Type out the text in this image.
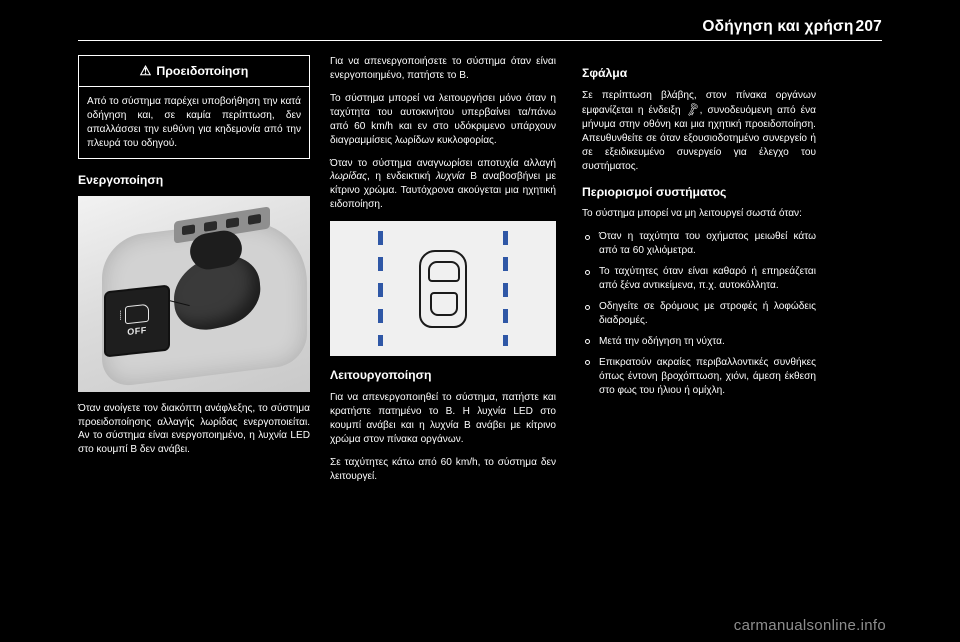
Οδήγηση και χρήση 207
⚠ Προειδοποίηση
Από το σύστημα παρέχει υποβοήθηση την κατά οδήγηση και, σε καμία περίπτωση, δεν απαλλάσσει την ευθύνη για κηδεμονία από την πλευρά του οδηγού.
Ενεργοποίηση
OFF

Όταν ανοίγετε τον διακόπτη ανάφλεξης, το σύστημα προειδοποίησης αλλαγής λωρίδας ενεργοποιείται. Αν το σύστημα είναι ενεργοποιημένο, η λυχνία LED στο κουμπί B δεν ανάβει.

Για να απενεργοποιήσετε το σύστημα όταν είναι ενεργοποιημένο, πατήστε το B.

Το σύστημα μπορεί να λειτουργήσει μόνο όταν η ταχύτητα του αυτοκινήτου υπερβαίνει τα/πάνω από 60 km/h και εν στο υδόκριμενο υπάρχουν διαγραμμίσεις λωρίδων κυκλοφορίας.

Όταν το σύστημα αναγνωρίσει αποτυχία αλλαγή λωρίδας, η ενδεικτική λυχνία B αναβοσβήνει με κίτρινο χρώμα. Ταυτόχρονα ακούγεται μια ηχητική ειδοποίηση.

Λειτουργοποίηση

Για να απενεργοποιηθεί το σύστημα, πατήστε και κρατήστε πατημένο το B. Η λυχνία LED στο κουμπί ανάβει και η λυχνία B ανάβει με κίτρινο χρώμα στον πίνακα οργάνων.

Σε ταχύτητες κάτω από 60 km/h, το σύστημα δεν λειτουργεί.

Σφάλμα

Σε περίπτωση βλάβης, στον πίνακα οργάνων εμφανίζεται η ένδειξη 🗝, συνοδευόμενη από ένα μήνυμα στην οθόνη και μια ηχητική προειδοποίηση. Απευθυνθείτε σε όταν εξουσιοδοτημένο συνεργείο ή σε εξειδικευμένο συνεργείο για έλεγχο του συστήματος.

Περιορισμοί συστήματος

Το σύστημα μπορεί να μη λειτουργεί σωστά όταν:

Όταν η ταχύτητα του οχήματος μειωθεί κάτω από τα 60 χιλιόμετρα.
Το ταχύτητες όταν είναι καθαρό ή επηρεάζεται από ξένα αντικείμενα, π.χ. αυτοκόλλητα.
Οδηγείτε σε δρόμους με στροφές ή λοφώδεις διαδρομές.
Μετά την οδήγηση τη νύχτα.
Επικρατούν ακραίες περιβαλλοντικές συνθήκες όπως έντονη βροχόπτωση, χιόνι, άμεση έκθεση στο φως του ήλιου ή ομίχλη.
carmanualsonline.info
